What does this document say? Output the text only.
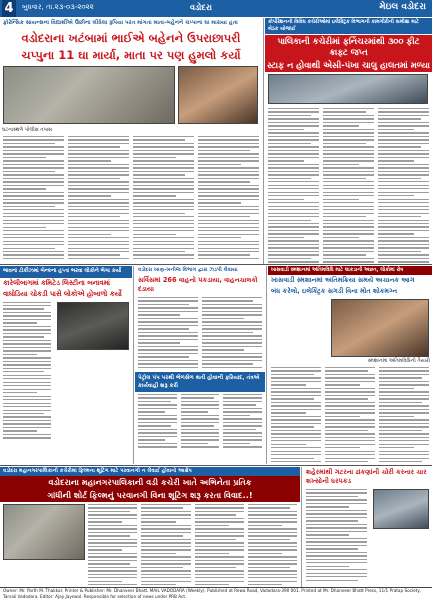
4	બુધવાર, તા.૨૩-૦૩-૨૦૨૨	વડોદરા	મેઇલ વડોદરા
ફોરેન્સિક સાયન્સના વિદ્યાર્થીએ ઉછીના લીધેલા રૂપિયા પરત માંગતા માતા-બહેનને ચપ્પાના ઘા મારાયા હતા
વડોદરાના ખટંબામાં ભાઈએ બહેનને ઉપરાછાપરી
ચપ્પુના 11 ઘા માર્યા, માતા પર પણ હુમલો કર્યો
ઘટનાસ્થળે પોલીસ તપાસ
કોર્પોરેશનની વિવિધ કચેરીઓમાં ઇલેક્ટ્રિક વિભાગની કામગીરીની સમીક્ષા માટે બેઠક યોજાઈ
પાલિકાની કચેરીમાં ફર્નિચરમાંથી ૩૦૦ ફીટ ક્રાફ્ટ જપ્ત
સ્ટાફ ન હોવાથી એસી-પંખા ચાલુ હાલતમાં મળ્યા
ભાવના ટોકીઝમાં બેન્કના હપ્તા ભરવા લોકોને ભેગા કર્યા
કારેલીબાગમાં કમિટેડ લિસ્ટીના બનાવમાં
વાઘોડિયા ચોકડી પાસે લોકોએ હોબાળો કર્યો
વડોદરા ખાણ-ખનીજ વિભાગ દ્વારા ઝડપી લેવાયા
સર્વિસમાં 266 વાહનો પકડાયા, વાહનચાલકો દંડાયા
પેટ્રોલ પંપ પરથી ભેળસેળ થતી હોવાની ફરિયાદ, તંત્રએ કાર્યવાહી શરૂ કરી
ખાસવાડી સ્મશાનમાં અંતિમવિધિ માટે લાકડાની અછત, લોકોમાં રોષ
ખાસવાડી સ્મશાનમાં અંતિમક્રિયા સમયે અચાનક આગ
બંધ કરેલો, ઇલેક્ટ્રિક સગડી વિના મોત શોકમગ્ન
સ્મશાનમાં અંતિમવિધિની તૈયારી
વડોદરા મહાનગરપાલિકાની કચેરીમાં ફિલ્મના શૂટિંગ માટે પરવાનગી ન લેવાઈ હોવાનો આક્ષેપ
વડોદરાના મહાનગરપાલિકાની વડી કચેરી ખાતે અભિનેતા પ્રતિક
ગાંધીની શોર્ટ ફિલ્મનું પરવાનગી વિના શૂટિંગ શરૂ કરતા વિવાદ..!
શહેરમાંથી ગટરના ઢાંકણાંની ચોરી કરનાર ચાર શખ્સોની ધરપકડ
Owner: Mr. Parth M. Thakkar. Printer & Publisher: Mr. Dhanveer Bhatt. MAIL VADODARA (Weekly). Published at Rewa Road, Vadodara-390 001. Printed at Mr. Dhanveer Bhatt Press, 11/1 Pratap Society, Tarsali Vadodara. Editor: Ajay Jayswal. Responsible for selection of news under PRB Act.
